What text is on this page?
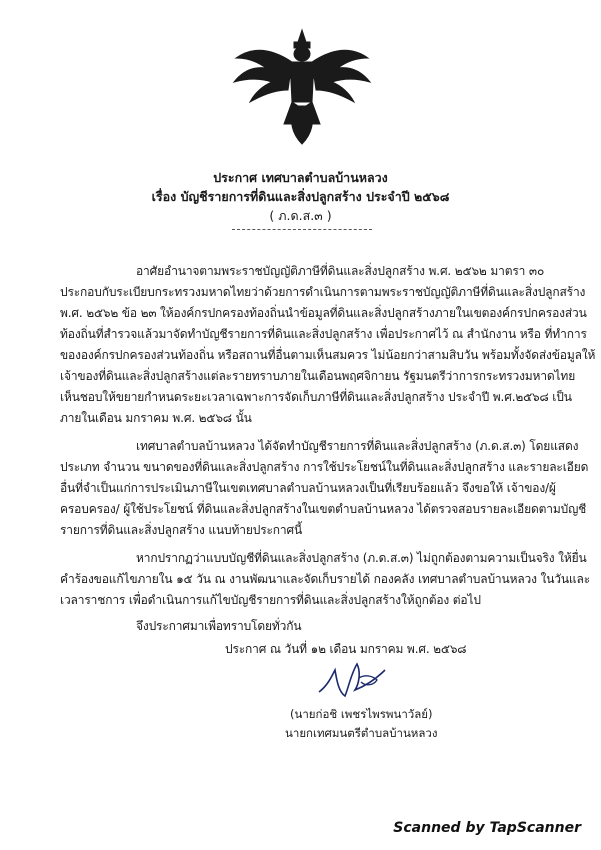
ประกาศ เทศบาลตำบลบ้านหลวง
เรื่อง บัญชีรายการที่ดินและสิ่งปลูกสร้าง ประจำปี ๒๕๖๘
( ภ.ด.ส.๓ )
อาศัยอำนาจตามพระราชบัญญัติภาษีที่ดินและสิ่งปลูกสร้าง พ.ศ. ๒๕๖๒ มาตรา ๓๐
ประกอบกับระเบียบกระทรวงมหาดไทยว่าด้วยการดำเนินการตามพระราชบัญญัติภาษีที่ดินและสิ่งปลูกสร้าง
พ.ศ. ๒๕๖๒ ข้อ ๒๓ ให้องค์กรปกครองท้องถิ่นนำข้อมูลที่ดินและสิ่งปลูกสร้างภายในเขตองค์กรปกครองส่วน
ท้องถิ่นที่สำรวจแล้วมาจัดทำบัญชีรายการที่ดินและสิ่งปลูกสร้าง เพื่อประกาศไว้ ณ สำนักงาน หรือ ที่ทำการ
ขององค์กรปกครองส่วนท้องถิ่น หรือสถานที่อื่นตามเห็นสมควร ไม่น้อยกว่าสามสิบวัน พร้อมทั้งจัดส่งข้อมูลให้
เจ้าของที่ดินและสิ่งปลูกสร้างแต่ละรายทราบภายในเดือนพฤศจิกายน รัฐมนตรีว่าการกระทรวงมหาดไทย
เห็นชอบให้ขยายกำหนดระยะเวลาเฉพาะการจัดเก็บภาษีที่ดินและสิ่งปลูกสร้าง ประจำปี พ.ศ.๒๕๖๘ เป็น
ภายในเดือน มกราคม พ.ศ. ๒๕๖๘ นั้น
เทศบาลตำบลบ้านหลวง ได้จัดทำบัญชีรายการที่ดินและสิ่งปลูกสร้าง (ภ.ด.ส.๓) โดยแสดง
ประเภท จำนวน ขนาดของที่ดินและสิ่งปลูกสร้าง การใช้ประโยชน์ในที่ดินและสิ่งปลูกสร้าง และรายละเอียด
อื่นที่จำเป็นแก่การประเมินภาษีในเขตเทศบาลตำบลบ้านหลวงเป็นที่เรียบร้อยแล้ว จึงขอให้ เจ้าของ/ผู้
ครอบครอง/ ผู้ใช้ประโยชน์ ที่ดินและสิ่งปลูกสร้างในเขตตำบลบ้านหลวง ได้ตรวจสอบรายละเอียดตามบัญชี
รายการที่ดินและสิ่งปลูกสร้าง แนบท้ายประกาศนี้
หากปรากฏว่าแบบบัญชีที่ดินและสิ่งปลูกสร้าง (ภ.ด.ส.๓) ไม่ถูกต้องตามความเป็นจริง ให้ยื่น
คำร้องขอแก้ไขภายใน ๑๕ วัน ณ งานพัฒนาและจัดเก็บรายได้ กองคลัง เทศบาลตำบลบ้านหลวง ในวันและ
เวลาราชการ เพื่อดำเนินการแก้ไขบัญชีรายการที่ดินและสิ่งปลูกสร้างให้ถูกต้อง ต่อไป
จึงประกาศมาเพื่อทราบโดยทั่วกัน
ประกาศ ณ วันที่ ๑๒ เดือน มกราคม พ.ศ. ๒๕๖๘
(นายก่อชิ เพชรไพรพนาวัลย์)
นายกเทศมนตรีตำบลบ้านหลวง
Scanned by TapScanner
